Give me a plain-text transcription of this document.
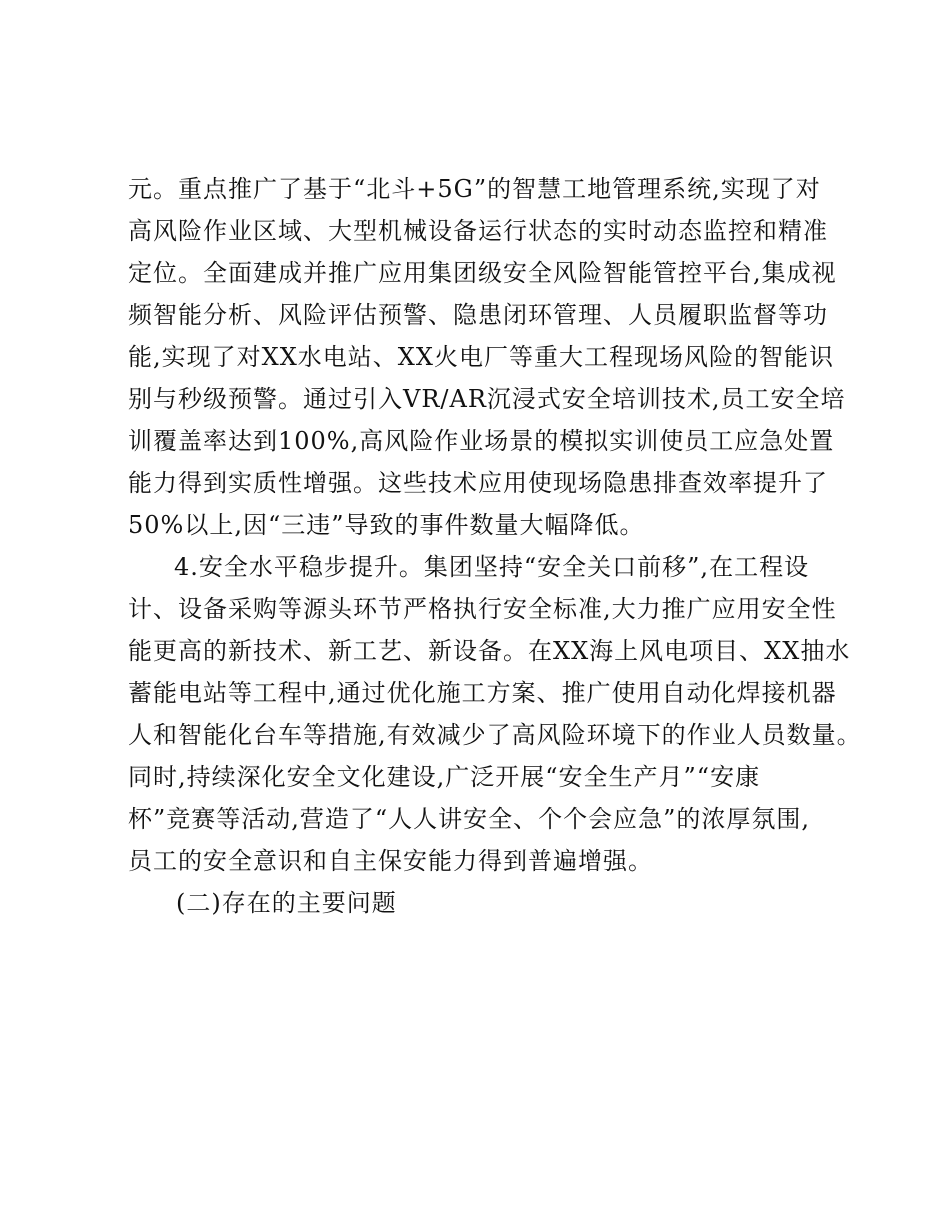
元。重点推广了基于“北斗+5G”的智慧工地管理系统,实现了对
高风险作业区域、大型机械设备运行状态的实时动态监控和精准
定位。全面建成并推广应用集团级安全风险智能管控平台,集成视
频智能分析、风险评估预警、隐患闭环管理、人员履职监督等功
能,实现了对XX水电站、XX火电厂等重大工程现场风险的智能识
别与秒级预警。通过引入VR/AR沉浸式安全培训技术,员工安全培
训覆盖率达到100%,高风险作业场景的模拟实训使员工应急处置
能力得到实质性增强。这些技术应用使现场隐患排查效率提升了
50%以上,因“三违”导致的事件数量大幅降低。
4.安全水平稳步提升。集团坚持“安全关口前移”,在工程设
计、设备采购等源头环节严格执行安全标准,大力推广应用安全性
能更高的新技术、新工艺、新设备。在XX海上风电项目、XX抽水
蓄能电站等工程中,通过优化施工方案、推广使用自动化焊接机器
人和智能化台车等措施,有效减少了高风险环境下的作业人员数量。
同时,持续深化安全文化建设,广泛开展“安全生产月”“安康
杯”竞赛等活动,营造了“人人讲安全、个个会应急”的浓厚氛围,
员工的安全意识和自主保安能力得到普遍增强。
(二)存在的主要问题
